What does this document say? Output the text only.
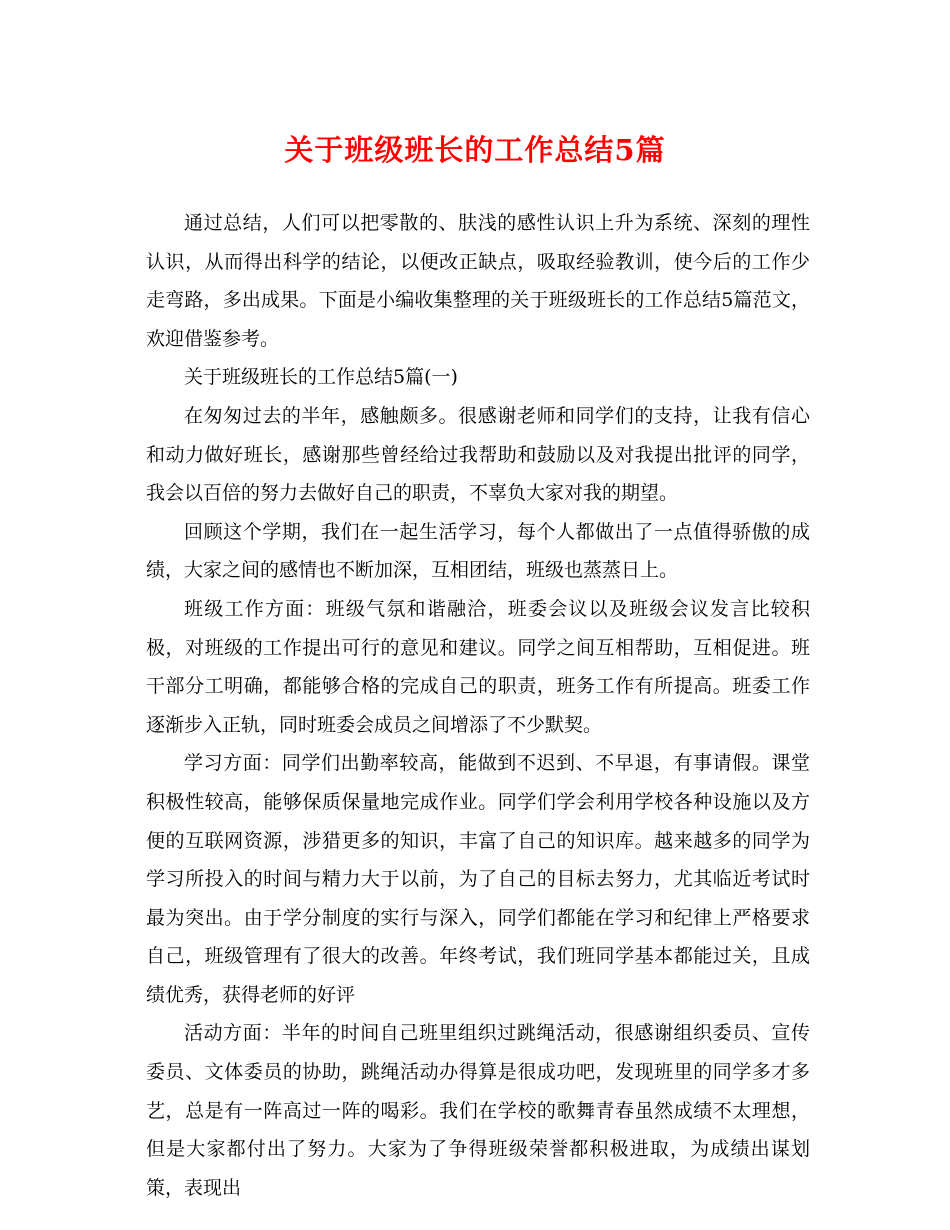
关于班级班长的工作总结5篇

通过总结，人们可以把零散的、肤浅的感性认识上升为系统、深刻的理性认识，从而得出科学的结论，以便改正缺点，吸取经验教训，使今后的工作少走弯路，多出成果。下面是小编收集整理的关于班级班长的工作总结5篇范文，欢迎借鉴参考。

关于班级班长的工作总结5篇(一)

在匆匆过去的半年，感触颇多。很感谢老师和同学们的支持，让我有信心和动力做好班长，感谢那些曾经给过我帮助和鼓励以及对我提出批评的同学，我会以百倍的努力去做好自己的职责，不辜负大家对我的期望。

回顾这个学期，我们在一起生活学习，每个人都做出了一点值得骄傲的成绩，大家之间的感情也不断加深，互相团结，班级也蒸蒸日上。

班级工作方面：班级气氛和谐融洽，班委会议以及班级会议发言比较积极，对班级的工作提出可行的意见和建议。同学之间互相帮助，互相促进。班干部分工明确，都能够合格的完成自己的职责，班务工作有所提高。班委工作逐渐步入正轨，同时班委会成员之间增添了不少默契。

学习方面：同学们出勤率较高，能做到不迟到、不早退，有事请假。课堂积极性较高，能够保质保量地完成作业。同学们学会利用学校各种设施以及方便的互联网资源，涉猎更多的知识，丰富了自己的知识库。越来越多的同学为学习所投入的时间与精力大于以前，为了自己的目标去努力，尤其临近考试时最为突出。由于学分制度的实行与深入，同学们都能在学习和纪律上严格要求自己，班级管理有了很大的改善。年终考试，我们班同学基本都能过关，且成绩优秀，获得老师的好评

活动方面：半年的时间自己班里组织过跳绳活动，很感谢组织委员、宣传委员、文体委员的协助，跳绳活动办得算是很成功吧，发现班里的同学多才多艺，总是有一阵高过一阵的喝彩。我们在学校的歌舞青春虽然成绩不太理想，但是大家都付出了努力。大家为了争得班级荣誉都积极进取，为成绩出谋划策，表现出
